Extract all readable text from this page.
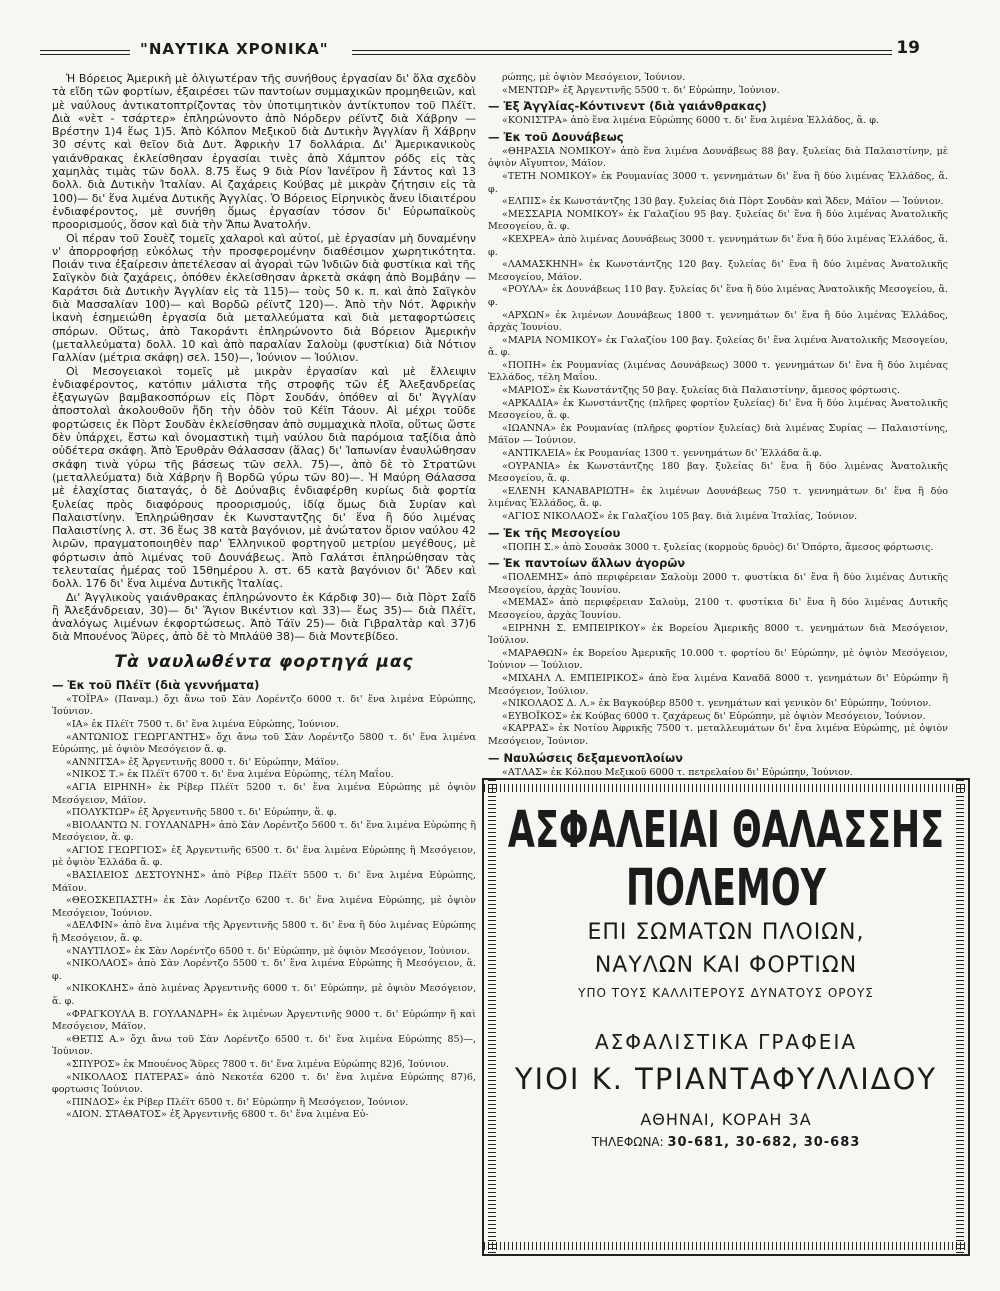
"ΝΑΥΤΙΚΑ ΧΡΟΝΙΚΑ"	19

Ἡ Βόρειος Ἀμερικὴ μὲ ὀλιγωτέραν τῆς συνήθους ἐργασίαν δι' ὅλα σχεδὸν τὰ εἴδη τῶν φορτίων, ἐξαιρέσει τῶν παντοίων συμμαχικῶν προμηθειῶν, καὶ μὲ ναύλους ἀντικατοπτρίζοντας τὸν ὑποτιμητικὸν ἀντίκτυπον τοῦ Πλέϊτ. Διὰ «νὲτ - τσάρτερ» ἐπληρώνοντο ἀπὸ Νόρδερν ρέϊντζ διὰ Χάβρην — Βρέστην 1)4 ἕως 1)5. Ἀπὸ Κόλπον Μεξικοῦ διὰ Δυτικὴν Ἀγγλίαν ἢ Χάβρην 30 σέντς καὶ θεῖον διὰ Δυτ. Ἀφρικὴν 17 δολλάρια. Δι' Ἀμερικανικοὺς γαιάνθρακας ἐκλείσθησαν ἐργασίαι τινὲς ἀπὸ Χάμπτον ρόδς εἰς τὰς χαμηλὰς τιμὰς τῶν δολλ. 8.75 ἕως 9 διὰ Ρίον Ἰανέϊρον ἢ Σάντος καὶ 13 δολλ. διὰ Δυτικὴν Ἰταλίαν. Αἱ ζαχάρεις Κούβας μὲ μικρὰν ζήτησιν εἰς τὰ 100)— δι' ἕνα λιμένα Δυτικῆς Ἀγγλίας. Ὁ Βόρειος Εἰρηνικὸς ἄνευ ἰδιαιτέρου ἐνδιαφέροντος, μὲ συνήθη ὅμως ἐργασίαν τόσον δι' Εὐρωπαϊκοὺς προορισμούς, ὅσον καὶ διὰ τὴν Ἄπω Ἀνατολήν.

Οἱ πέραν τοῦ Σουὲζ τομεῖς χαλαροὶ καὶ αὐτοί, μὲ ἐργασίαν μὴ δυναμένην ν' ἀπορροφήσῃ εὐκόλως τὴν προσφερομένην διαθέσιμον χωρητικότητα. Ποιάν τινα ἐξαίρεσιν ἀπετέλεσαν αἱ ἀγοραὶ τῶν Ἰνδιῶν διὰ φυστίκια καὶ τῆς Σαϊγκὸν διὰ ζαχάρεις, ὁπόθεν ἐκλείσθησαν ἀρκετὰ σκάφη ἀπὸ Βομβάην — Καράτσι διὰ Δυτικὴν Ἀγγλίαν εἰς τὰ 115)— τοὺς 50 κ. π. καὶ ἀπὸ Σαϊγκὸν διὰ Μασσαλίαν 100)— καὶ Βορδῶ ρέϊντζ 120)—. Ἀπὸ τὴν Νότ. Ἀφρικὴν ἱκανὴ ἐσημειώθη ἐργασία διὰ μεταλλεύματα καὶ διὰ μεταφορτώσεις σπόρων. Οὕτως, ἀπὸ Τακοράντι ἐπληρώνοντο διὰ Βόρειον Ἀμερικὴν (μεταλλεύματα) δολλ. 10 καὶ ἀπὸ παραλίαν Σαλοὺμ (φυστίκια) διὰ Νότιον Γαλλίαν (μέτρια σκάφη) σελ. 150)—, Ἰούνιον — Ἰούλιον.

Οἱ Μεσογειακοὶ τομεῖς μὲ μικρὰν ἐργασίαν καὶ μὲ ἔλλειψιν ἐνδιαφέροντος, κατόπιν μάλιστα τῆς στροφῆς τῶν ἐξ Ἀλεξανδρείας ἐξαγωγῶν βαμβακοσπόρων εἰς Πὸρτ Σουδάν, ὁπόθεν αἱ δι' Ἀγγλίαν ἀποστολαὶ ἀκολουθοῦν ἤδη τὴν ὁδὸν τοῦ Κέϊπ Τάουν. Αἱ μέχρι τοῦδε φορτώσεις ἐκ Πὸρτ Σουδὰν ἐκλείσθησαν ἀπὸ συμμαχικὰ πλοῖα, οὕτως ὥστε δὲν ὑπάρχει, ἔστω καὶ ὀνομαστικὴ τιμὴ ναύλου διὰ παρόμοια ταξίδια ἀπὸ οὐδέτερα σκάφη. Ἀπὸ Ἐρυθρὰν Θάλασσαν (ἅλας) δι' Ἰαπωνίαν ἐναυλώθησαν σκάφη τινὰ γύρω τῆς βάσεως τῶν σελλ. 75)—, ἀπὸ δὲ τὸ Στρατῶνι (μεταλλεύματα) διὰ Χάβρην ἢ Βορδῶ γύρω τῶν 80)—. Ἡ Μαύρη Θάλασσα μὲ ἐλαχίστας διαταγάς, ὁ δὲ Δούναβις ἐνδιαφέρθη κυρίως διὰ φορτία ξυλείας πρὸς διαφόρους προορισμούς, ἰδίᾳ ὅμως διὰ Συρίαν καὶ Παλαιστίνην. Ἐπληρώθησαν ἐκ Κωνσταντζης δι' ἕνα ἢ δύο λιμένας Παλαιστίνης λ. στ. 36 ἕως 38 κατὰ βαγόνιον, μὲ ἀνώτατον ὅριον ναύλου 42 λιρῶν, πραγματοποιηθὲν παρ' Ἑλληνικοῦ φορτηγοῦ μετρίου μεγέθους, μὲ φόρτωσιν ἀπὸ λιμένας τοῦ Δουνάβεως. Ἀπὸ Γαλάτσι ἐπληρώθησαν τὰς τελευταίας ἡμέρας τοῦ 15θημέρου λ. στ. 65 κατὰ βαγόνιον δι' Ἄδεν καὶ δολλ. 176 δι' ἕνα λιμένα Δυτικῆς Ἰταλίας.

Δι' Ἀγγλικοὺς γαιάνθρακας ἐπληρώνοντο ἐκ Κάρδιφ 30)— διὰ Πὸρτ Σαΐδ ἢ Ἀλεξάνδρειαν, 30)— δι' Ἅγιον Βικέντιον καὶ 33)— ἕως 35)— διὰ Πλέϊτ, ἀναλόγως λιμένων ἐκφορτώσεως. Ἀπὸ Τάϊν 25)— διὰ Γιβραλτὰρ καὶ 37)6 διὰ Μπουένος Ἄϋρες, ἀπὸ δὲ τὸ Μπλάϋθ 38)— διὰ Μοντεβίδεο.

Τὰ ναυλωθέντα φορτηγά μας
— Ἐκ τοῦ Πλέϊτ (διὰ γεννήματα)

«ΤΟΪΡΑ» (Παναμ.) ὄχι ἄνω τοῦ Σὰν Λορέντζο 6000 τ. δι' ἕνα λιμένα Εὐρώπης, Ἰούνιον.

«ΙΑ» ἐκ Πλέϊτ 7500 τ. δι' ἕνα λιμένα Εὐρώπης, Ἰούνιον.

«ΑΝΤΩΝΙΟΣ ΓΕΩΡΓΑΝΤΗΣ» ὄχι ἄνω τοῦ Σὰν Λορέντζο 5800 τ. δι' ἕνα λιμένα Εὐρώπης, μὲ ὀψιὸν Μεσόγειον ἅ. φ.

«ΑΝΝΙΤΣΑ» ἐξ Ἀργεντινῆς 8000 τ. δι' Εὐρώπην, Μάϊον.

«ΝΙΚΟΣ Τ.» ἐκ Πλέϊτ 6700 τ. δι' ἕνα λιμένα Εὐρώπης, τέλη Μαΐου.

«ΑΓΙΑ ΕΙΡΗΝΗ» ἐκ Ρίβερ Πλέϊτ 5200 τ. δι' ἕνα λιμένα Εὐρώπης μὲ ὀψιὸν Μεσόγειον, Μάϊον.

«ΠΟΛΥΚΤΩΡ» ἐξ Ἀργεντινῆς 5800 τ. δι' Εὐρώπην, ἅ. φ.

«ΒΙΟΛΑΝΤΩ Ν. ΓΟΥΛΑΝΔΡΗ» ἀπὸ Σὰν Λορέντζο 5600 τ. δι' ἕνα λιμένα Εὐρώπης ἢ Μεσόγειον, ἅ. φ.

«ΑΓΙΟΣ ΓΕΩΡΓΙΟΣ» ἐξ Ἀργεντινῆς 6500 τ. δι' ἕνα λιμένα Εὐρώπης ἢ Μεσόγειον, μὲ ὀψιὸν Ἑλλάδα ἅ. φ.

«ΒΑΣΙΛΕΙΟΣ ΔΕΣΤΟΥΝΗΣ» ἀπὸ Ρίβερ Πλέϊτ 5500 τ. δι' ἕνα λιμένα Εὐρώπης, Μάϊον.

«ΘΕΟΣΚΕΠΑΣΤΗ» ἐκ Σὰν Λορέντζο 6200 τ. δι' ἕνα λιμένα Εὐρώπης, μὲ ὀψιὸν Μεσόγειον, Ἰούνιον.

«ΔΕΛΦΙΝ» ἀπὸ ἕνα λιμένα τῆς Ἀργεντινῆς 5800 τ. δι' ἕνα ἢ δύο λιμένας Εὐρώπης ἢ Μεσόγειον, ἅ. φ.

«ΝΑΥΤΙΛΟΣ» ἐκ Σὰν Λορέντζο 6500 τ. δι' Εὐρώπην, μὲ ὀψιὸν Μεσόγειον, Ἰούνιον.

«ΝΙΚΟΛΑΟΣ» ἀπὸ Σὰν Λορέντζο 5500 τ. δι' ἕνα λιμένα Εὐρώπης ἢ Μεσόγειον, ἅ. φ.

«ΝΙΚΟΚΛΗΣ» ἀπὸ λιμένας Ἀργεντινῆς 6000 τ. δι' Εὐρώπην, μὲ ὀψιὸν Μεσόγειον, ἅ. φ.

«ΦΡΑΓΚΟΥΛΑ Β. ΓΟΥΛΑΝΔΡΗ» ἐκ λιμένων Ἀργεντινῆς 9000 τ. δι' Εὐρώπην ἢ καὶ Μεσόγειον, Μάϊον.

«ΘΕΤΙΣ Α.» ὄχι ἄνω τοῦ Σὰν Λορέντζο 6500 τ. δι' ἕνα λιμένα Εὐρώπης 85)—, Ἰούνιον.

«ΣΠΥΡΟΣ» ἐκ Μπουένος Ἄϋρες 7800 τ. δι' ἕνα λιμένα Εὐρώπης 82)6, Ἰούνιον.

«ΝΙΚΟΛΑΟΣ ΠΑΤΕΡΑΣ» ἀπὸ Νεκοτέα 6200 τ. δι' ἕνα λιμένα Εὐρώπης 87)6, φορτωσις Ἰούνιον.

«ΠΙΝΔΟΣ» ἐκ Ρίβερ Πλέϊτ 6500 τ. δι' Εὐρώπην ἢ Μεσόγειον, Ἰούνιον.

«ΔΙΟΝ. ΣΤΑΘΑΤΟΣ» ἐξ Ἀργεντινῆς 6800 τ. δι' ἕνα λιμένα Εὐ-

ρώπης, μὲ ὀψιὸν Μεσόγειον, Ἰούνιον.

«ΜΕΝΤΩΡ» ἐξ Ἀργεντινῆς 5500 τ. δι' Εὐρώπην, Ἰούνιον.

— Ἐξ Ἀγγλίας-Κόντινεντ (διὰ γαιάνθρακας)

«ΚΟΝΙΣΤΡΑ» ἀπὸ ἕνα λιμένα Εὐρώπης 6000 τ. δι' ἕνα λιμένα Ἑλλάδος, ἅ. φ.

— Ἐκ τοῦ Δουνάβεως

«ΘΗΡΑΣΙΑ ΝΟΜΙΚΟΥ» ἀπὸ ἕνα λιμένα Δουνάβεως 88 βαγ. ξυλείας διὰ Παλαιστίνην, μὲ ὀψιὸν Αἴγυπτον, Μάϊον.

«ΤΕΤΗ ΝΟΜΙΚΟΥ» ἐκ Ρουμανίας 3000 τ. γεννημάτων δι' ἕνα ἢ δύο λιμένας Ἑλλάδος, ἅ. φ.

«ΕΛΠΙΣ» ἐκ Κωνστάντζης 130 βαγ. ξυλείας διὰ Πὸρτ Σουδὰν καὶ Ἄδεν, Μάϊον — Ἰούνιον.

«ΜΕΣΣΑΡΙΑ ΝΟΜΙΚΟΥ» ἐκ Γαλαζίου 95 βαγ. ξυλείας δι' ἕνα ἢ δύο λιμένας Ἀνατολικῆς Μεσογείου, ἅ. φ.

«ΚΕΧΡΕΑ» ἀπὸ λιμένας Δουνάβεως 3000 τ. γεννημάτων δι' ἕνα ἢ δύο λιμένας Ἑλλάδος, ἅ. φ.

«ΛΑΜΑΣΚΗΝΗ» ἐκ Κωνστάντζης 120 βαγ. ξυλείας δι' ἕνα ἢ δύο λιμένας Ἀνατολικῆς Μεσογείου, Μάϊον.

«ΡΟΥΛΑ» ἐκ Δουνάβεως 110 βαγ. ξυλείας δι' ἕνα ἢ δύο λιμένας Ἀνατολικῆς Μεσογείου, ἅ. φ.

«ΑΡΧΩΝ» ἐκ λιμένων Δουνάβεως 1800 τ. γεννημάτων δι' ἕνα ἢ δύο λιμένας Ἑλλάδος, ἀρχὰς Ἰουνίου.

«ΜΑΡΙΑ ΝΟΜΙΚΟΥ» ἐκ Γαλαζίου 100 βαγ. ξυλείας δι' ἕνα λιμένα Ἀνατολικῆς Μεσογείου, ἅ. φ.

«ΠΟΠΗ» ἐκ Ρουμανίας (λιμένας Δουνάβεως) 3000 τ. γεννημάτων δι' ἕνα ἢ δύο λιμένας Ἑλλάδος, τέλη Μαΐου.

«ΜΑΡΙΟΣ» ἐκ Κωνστάντζης 50 βαγ. ξυλείας διὰ Παλαιστίνην, ἄμεσος φόρτωσις.

«ΑΡΚΑΔΙΑ» ἐκ Κωνστάντζης (πλῆρες φορτίον ξυλείας) δι' ἕνα ἢ δύο λιμένας Ἀνατολικῆς Μεσογείου, ἅ. φ.

«ΙΩΑΝΝΑ» ἐκ Ρουμανίας (πλῆρες φορτίον ξυλείας) διὰ λιμένας Συρίας — Παλαιστίνης, Μάϊον — Ἰούνιον.

«ΑΝΤΙΚΛΕΙΑ» ἐκ Ρουμανίας 1300 τ. γεννημάτων δι' Ἑλλάδα ἅ.φ.

«ΟΥΡΑΝΙΑ» ἐκ Κωνστάντζης 180 βαγ. ξυλείας δι' ἕνα ἢ δύο λιμένας Ἀνατολικῆς Μεσογείου, ἅ. φ.

«ΕΛΕΝΗ ΚΑΝΑΒΑΡΙΩΤΗ» ἐκ λιμένων Δουνάβεως 750 τ. γεννημάτων δι' ἕνα ἢ δύο λιμένας Ἑλλάδος, ἅ. φ.

«ΑΓΙΟΣ ΝΙΚΟΛΑΟΣ» ἐκ Γαλαζίου 105 βαγ. διὰ λιμένα Ἰταλίας, Ἰούνιον.

— Ἐκ τῆς Μεσογείου

«ΠΟΠΗ Σ.» ἀπὸ Σουσὰκ 3000 τ. ξυλείας (κορμοὺς δρυὸς) δι' Ὀπόρτο, ἄμεσος φόρτωσις.

— Ἐκ παντοίων ἄλλων ἀγορῶν

«ΠΟΛΕΜΗΣ» ἀπὸ περιφέρειαν Σαλοὺμ 2000 τ. φυστίκια δι' ἕνα ἢ δύο λιμένας Δυτικῆς Μεσογείου, ἀρχὰς Ἰουνίου.

«ΜΕΜΑΣ» ἀπὸ περιφέρειαν Σαλοὺμ, 2100 τ. φυστίκια δι' ἕνα ἢ δύο λιμένας Δυτικῆς Μεσογείου, ἀρχὰς Ἰουνίου.

«ΕΙΡΗΝΗ Σ. ΕΜΠΕΙΡΙΚΟΥ» ἐκ Βορείου Ἀμερικῆς 8000 τ. γενημάτων διὰ Μεσόγειον, Ἰούλιον.

«ΜΑΡΑΘΩΝ» ἐκ Βορείου Ἀμερικῆς 10.000 τ. φορτίου δι' Εὐρώπην, μὲ ὀψιὸν Μεσόγειον, Ἰούνιον — Ἰούλιον.

«ΜΙΧΑΗΛ Λ. ΕΜΠΕΙΡΙΚΟΣ» ἀπὸ ἕνα λιμένα Καναδᾶ 8000 τ. γενημάτων δι' Εὐρώπην ἢ Μεσόγειον, Ἰούλιον.

«ΝΙΚΟΛΑΟΣ Δ. Λ.» ἐκ Βαγκούβερ 8500 τ. γενημάτων καὶ γενικὸν δι' Εὐρώπην, Ἰούνιον.

«ΕΥΒΟΪΚΟΣ» ἐκ Κούβας 6000 τ. ζαχάρεως δι' Εὐρώπην, μὲ ὀψιὸν Μεσόγειον, Ἰούνιον.

«ΚΑΡΡΑΣ» ἐκ Νοτίου Ἀφρικῆς 7500 τ. μεταλλευμάτων δι' ἕνα λιμένα Εὐρώπης, μὲ ὀψιὸν Μεσόγειον, Ἰούνιον.

— Ναυλώσεις δεξαμενοπλοίων

«ΑΤΛΑΣ» ἐκ Κόλπου Μεξικοῦ 6000 τ. πετρελαίου δι' Εὐρώπην, Ἰούνιον.

ΑΣΦΑΛΕΙΑΙ ΘΑΛΑΣΣΗΣ ΠΟΛΕΜΟΥ
ΕΠΙ ΣΩΜΑΤΩΝ ΠΛΟΙΩΝ,
ΝΑΥΛΩΝ ΚΑΙ ΦΟΡΤΙΩΝ
ΥΠΟ ΤΟΥΣ ΚΑΛΛΙΤΕΡΟΥΣ ΔΥΝΑΤΟΥΣ ΟΡΟΥΣ
ΑΣΦΑΛΙΣΤΙΚΑ ΓΡΑΦΕΙΑ
ΥΙΟΙ Κ. ΤΡΙΑΝΤΑΦΥΛΛΙΔΟΥ
ΑΘΗΝΑΙ, ΚΟΡΑΗ 3Α
ΤΗΛΕΦΩΝΑ: 30-681, 30-682, 30-683
